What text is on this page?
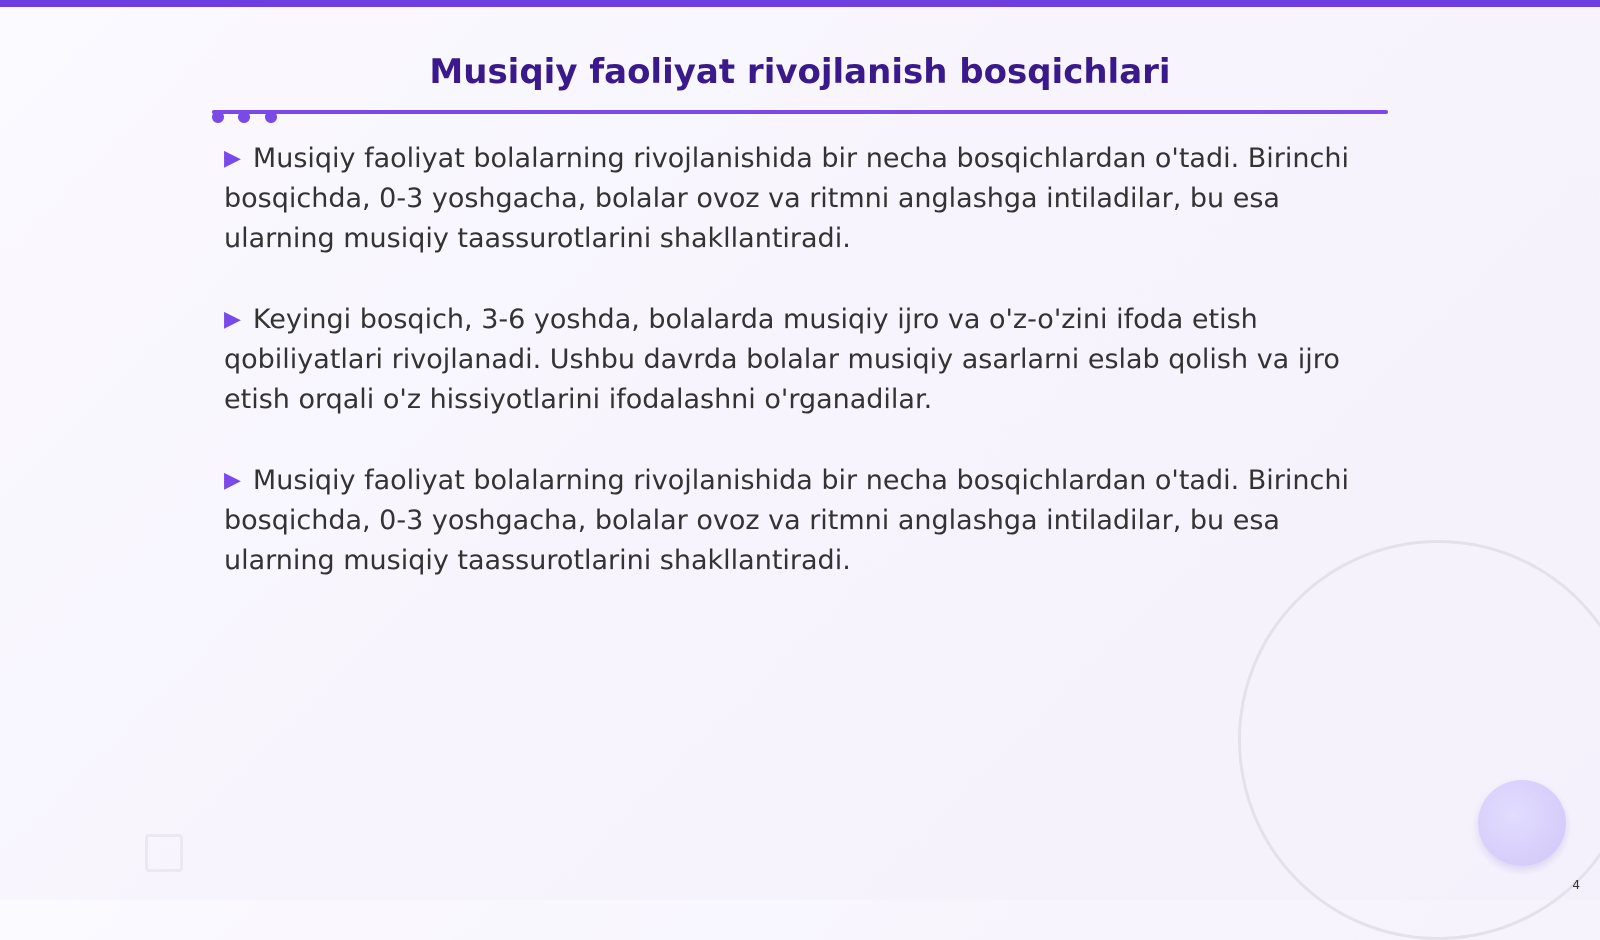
Musiqiy faoliyat rivojlanish bosqichlari

▶ Musiqiy faoliyat bolalarning rivojlanishida bir necha bosqichlardan o'tadi. Birinchi bosqichda, 0-3 yoshgacha, bolalar ovoz va ritmni anglashga intiladilar, bu esa ularning musiqiy taassurotlarini shakllantiradi.

▶ Keyingi bosqich, 3-6 yoshda, bolalarda musiqiy ijro va o'z-o'zini ifoda etish qobiliyatlari rivojlanadi. Ushbu davrda bolalar musiqiy asarlarni eslab qolish va ijro etish orqali o'z hissiyotlarini ifodalashni o'rganadilar.

▶ Musiqiy faoliyat bolalarning rivojlanishida bir necha bosqichlardan o'tadi. Birinchi bosqichda, 0-3 yoshgacha, bolalar ovoz va ritmni anglashga intiladilar, bu esa ularning musiqiy taassurotlarini shakllantiradi.

4
